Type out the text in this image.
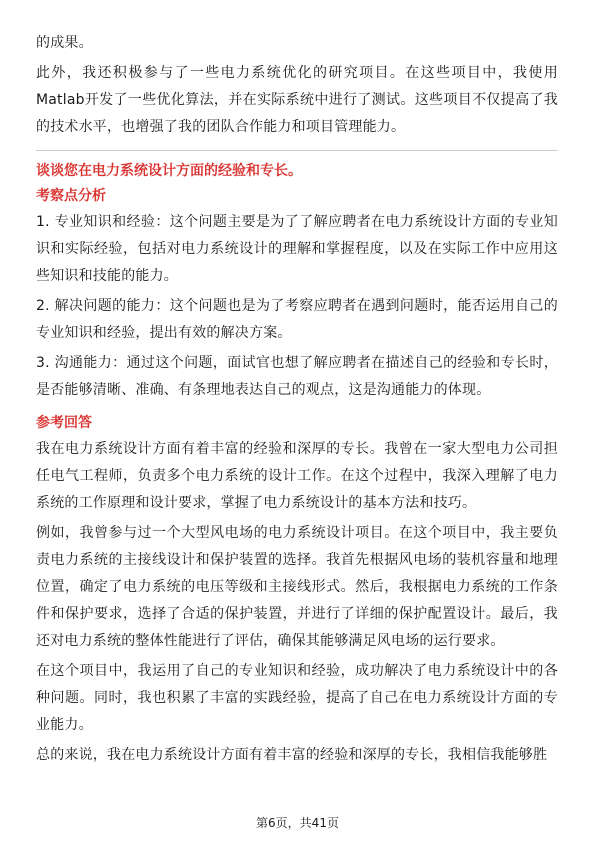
的成果。

此外，我还积极参与了一些电力系统优化的研究项目。在这些项目中，我使用Matlab开发了一些优化算法，并在实际系统中进行了测试。这些项目不仅提高了我的技术水平，也增强了我的团队合作能力和项目管理能力。

谈谈您在电力系统设计方面的经验和专长。
考察点分析

1. 专业知识和经验：这个问题主要是为了了解应聘者在电力系统设计方面的专业知识和实际经验，包括对电力系统设计的理解和掌握程度，以及在实际工作中应用这些知识和技能的能力。

2. 解决问题的能力：这个问题也是为了考察应聘者在遇到问题时，能否运用自己的专业知识和经验，提出有效的解决方案。

3. 沟通能力：通过这个问题，面试官也想了解应聘者在描述自己的经验和专长时，是否能够清晰、准确、有条理地表达自己的观点，这是沟通能力的体现。

参考回答

我在电力系统设计方面有着丰富的经验和深厚的专长。我曾在一家大型电力公司担任电气工程师，负责多个电力系统的设计工作。在这个过程中，我深入理解了电力系统的工作原理和设计要求，掌握了电力系统设计的基本方法和技巧。

例如，我曾参与过一个大型风电场的电力系统设计项目。在这个项目中，我主要负责电力系统的主接线设计和保护装置的选择。我首先根据风电场的装机容量和地理位置，确定了电力系统的电压等级和主接线形式。然后，我根据电力系统的工作条件和保护要求，选择了合适的保护装置，并进行了详细的保护配置设计。最后，我还对电力系统的整体性能进行了评估，确保其能够满足风电场的运行要求。

在这个项目中，我运用了自己的专业知识和经验，成功解决了电力系统设计中的各种问题。同时，我也积累了丰富的实践经验，提高了自己在电力系统设计方面的专业能力。

总的来说，我在电力系统设计方面有着丰富的经验和深厚的专长，我相信我能够胜

第6页，共41页
